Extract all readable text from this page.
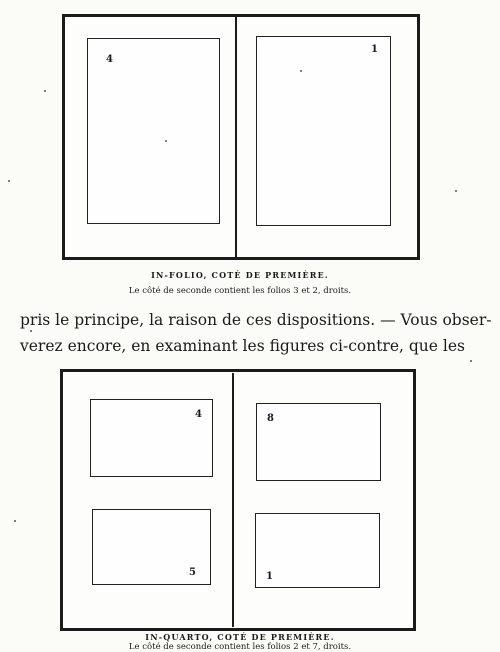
4
1
IN-FOLIO, COTÉ DE PREMIÈRE.
Le côté de seconde contient les folios 3 et 2, droits.
pris le principe, la raison de ces dispositions. — Vous obser-
verez encore, en examinant les figures ci-contre, que les
4
5
8
1
IN-QUARTO, COTÉ DE PREMIÈRE.
Le côté de seconde contient les folios 2 et 7, droits.
